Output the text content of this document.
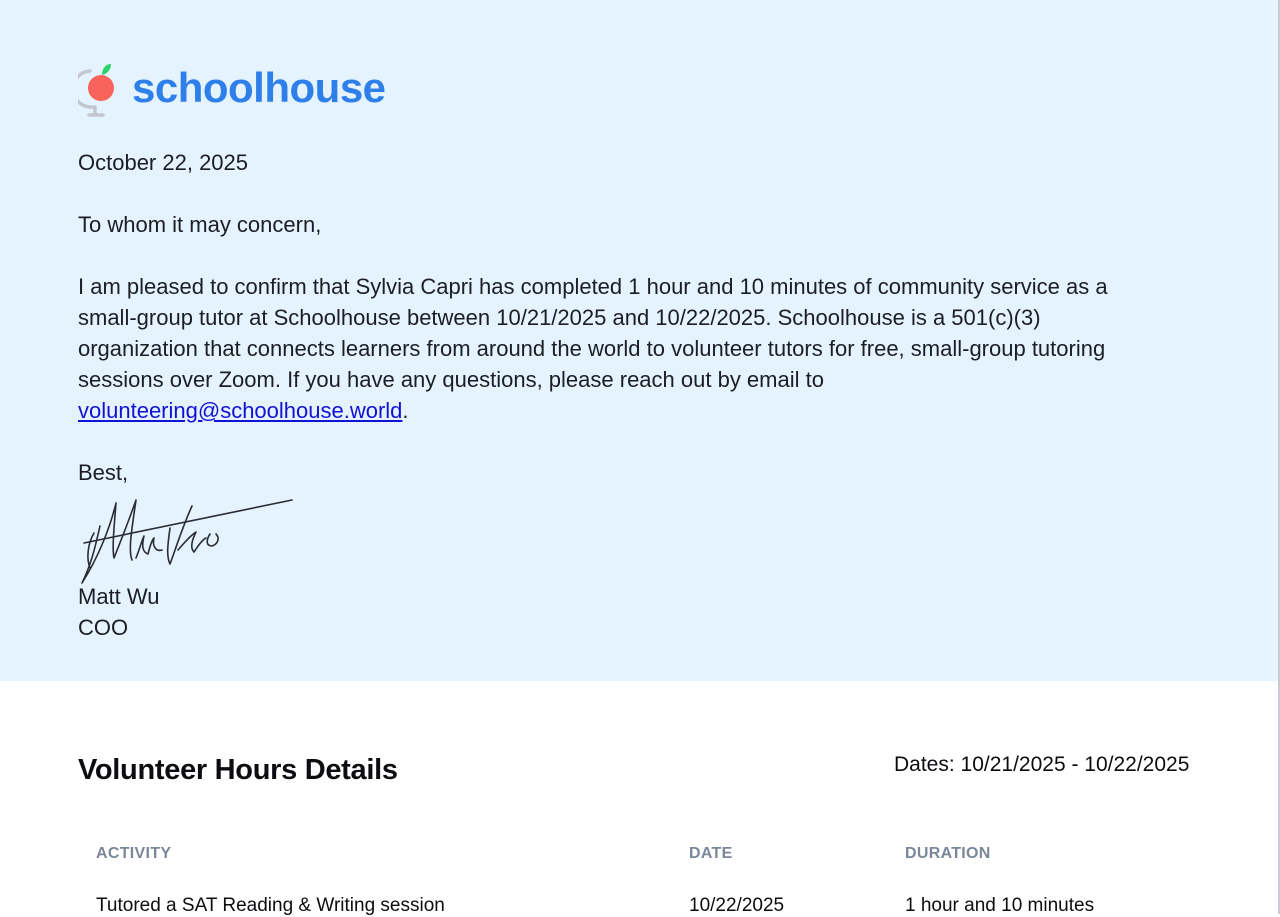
schoolhouse
October 22, 2025
To whom it may concern,
I am pleased to confirm that Sylvia Capri has completed 1 hour and 10 minutes of community service as a small-group tutor at Schoolhouse between 10/21/2025 and 10/22/2025. Schoolhouse is a 501(c)(3) organization that connects learners from around the world to volunteer tutors for free, small-group tutoring sessions over Zoom. If you have any questions, please reach out by email to volunteering@schoolhouse.world.
Best,
Matt Wu
COO
Volunteer Hours Details	Dates: 10/21/2025 - 10/22/2025
ACTIVITY	DATE	DURATION
Tutored a SAT Reading & Writing session	10/22/2025	1 hour and 10 minutes
